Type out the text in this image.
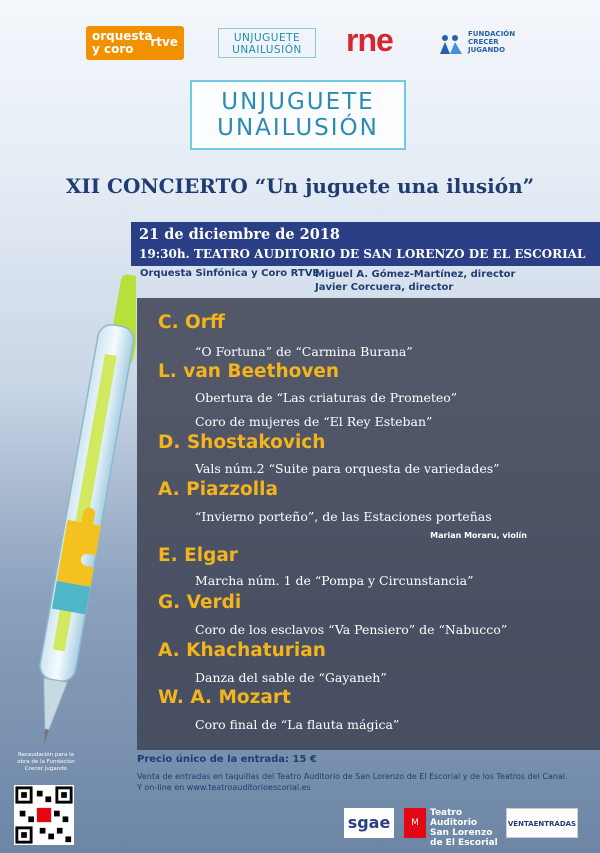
orquesta
y coro	rtve	UNJUGUETE
UNAILUSIÓN	rne	FUNDACIÓN
CRECER
JUGANDO
UNJUGUETE
UNAILUSIÓN
XII CONCIERTO “Un juguete una ilusión”
21 de diciembre de 2018
19:30h. TEATRO AUDITORIO DE SAN LORENZO DE EL ESCORIAL
Orquesta Sinfónica y Coro RTVE
Miguel A. Gómez-Martínez, director
Javier Corcuera, director
C. Orff
“O Fortuna” de “Carmina Burana”
L. van Beethoven
Obertura de “Las criaturas de Prometeo”
Coro de mujeres de “El Rey Esteban”
D. Shostakovich
Vals núm.2 “Suite para orquesta de variedades”
A. Piazzolla
“Invierno porteño”, de las Estaciones porteñas
Marian Moraru, violín
E. Elgar
Marcha núm. 1 de “Pompa y Circunstancia”
G. Verdi
Coro de los esclavos “Va Pensiero” de “Nabucco”
A. Khachaturian
Danza del sable de “Gayaneh”
W. A. Mozart
Coro final de “La flauta mágica”
Precio único de la entrada: 15 €
Venta de entradas en taquillas del Teatro Auditorio de San Lorenzo de El Escorial y de los Teatros del Canal.
Y on-line en www.teatroauditorioescorial.es
Recaudación para la obra de la Fundación Crecer Jugando
sgae	M
Teatro Auditorio
San Lorenzo
de El Escorial
VENTAENTRADAS
